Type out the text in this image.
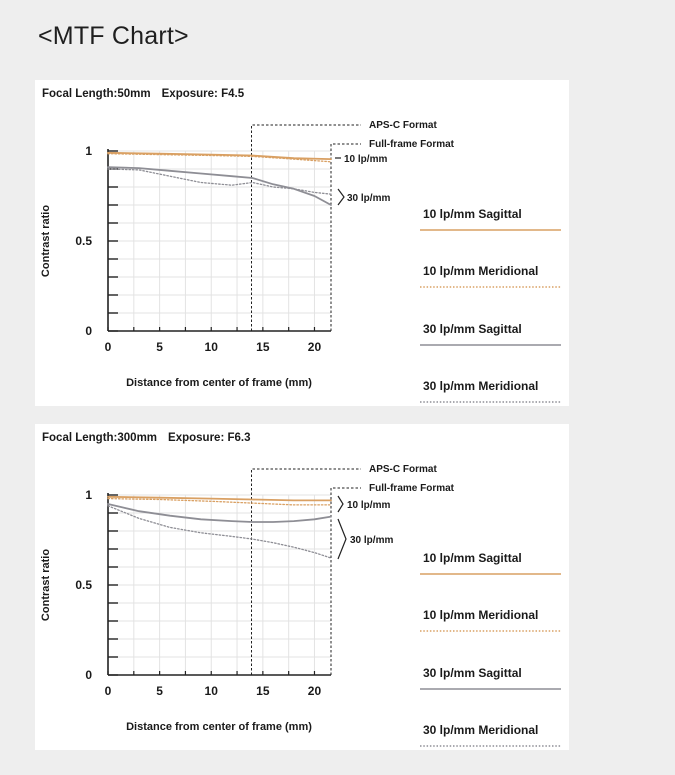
<MTF Chart>
Focal Length:50mm Exposure: F4.5
0	5	10	15	20
0
0.5
1
Distance from center of frame (mm)
Contrast ratio
APS-C Format
Full-frame Format
10 lp/mm
30 lp/mm
10 lp/mm Sagittal
10 lp/mm Meridional
30 lp/mm Sagittal
30 lp/mm Meridional
Focal Length:300mm Exposure: F6.3
0	5	10	15	20
0
0.5
1
Distance from center of frame (mm)
Contrast ratio
APS-C Format
Full-frame Format
10 lp/mm
30 lp/mm
10 lp/mm Sagittal
10 lp/mm Meridional
30 lp/mm Sagittal
30 lp/mm Meridional
